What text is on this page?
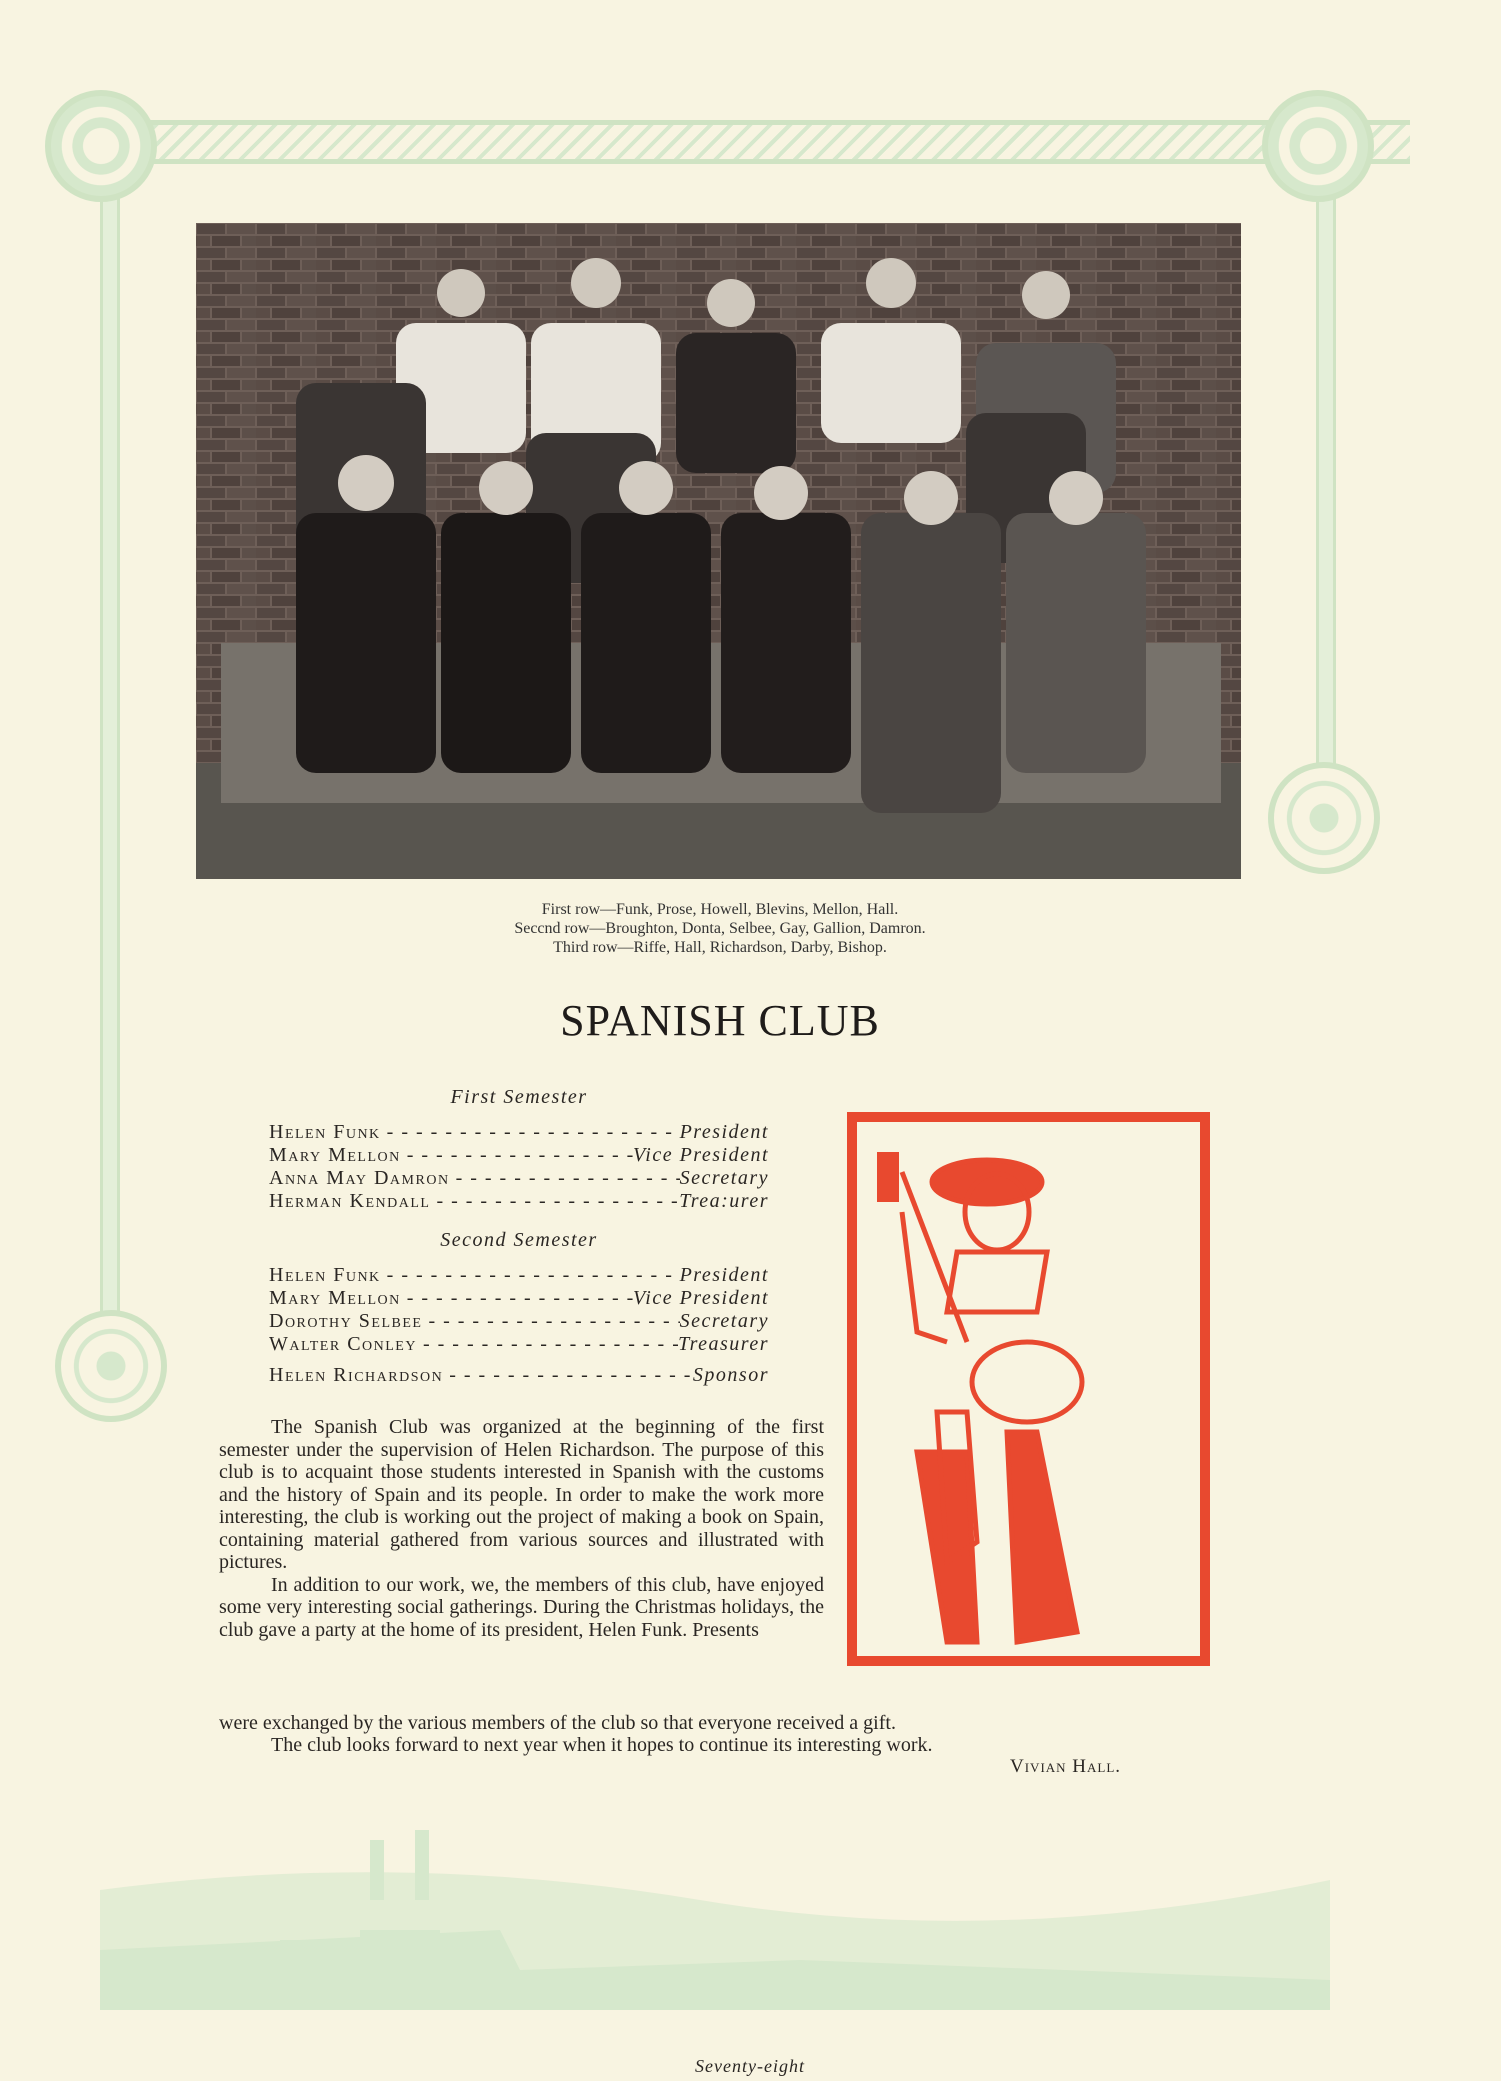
First row—Funk, Prose, Howell, Blevins, Mellon, Hall.
Seccnd row—Broughton, Donta, Selbee, Gay, Gallion, Damron.
Third row—Riffe, Hall, Richardson, Darby, Bishop.
SPANISH CLUB
First Semester
Helen Funk - - -	President
Mary Mellon - - -	Vice President
Anna May Damron - - -	Secretary
Herman Kendall - - -	Trea:urer
Second Semester
Helen Funk - - -	President
Mary Mellon - - -	Vice President
Dorothy Selbee - - -	Secretary
Walter Conley - - -	Treasurer
Helen Richardson - - -	Sponsor

The Spanish Club was organized at the beginning of the first semester under the supervision of Helen Richardson. The purpose of this club is to acquaint those students interested in Spanish with the customs and the history of Spain and its people. In order to make the work more interesting, the club is working out the project of making a book on Spain, containing material gathered from various sources and illustrated with pictures.

In addition to our work, we, the members of this club, have enjoyed some very interesting social gatherings. During the Christmas holidays, the club gave a party at the home of its president, Helen Funk. Presents

were exchanged by the various members of the club so that everyone received a gift.
The club looks forward to next year when it hopes to continue its interesting work.
Vivian Hall.
Seventy-eight
